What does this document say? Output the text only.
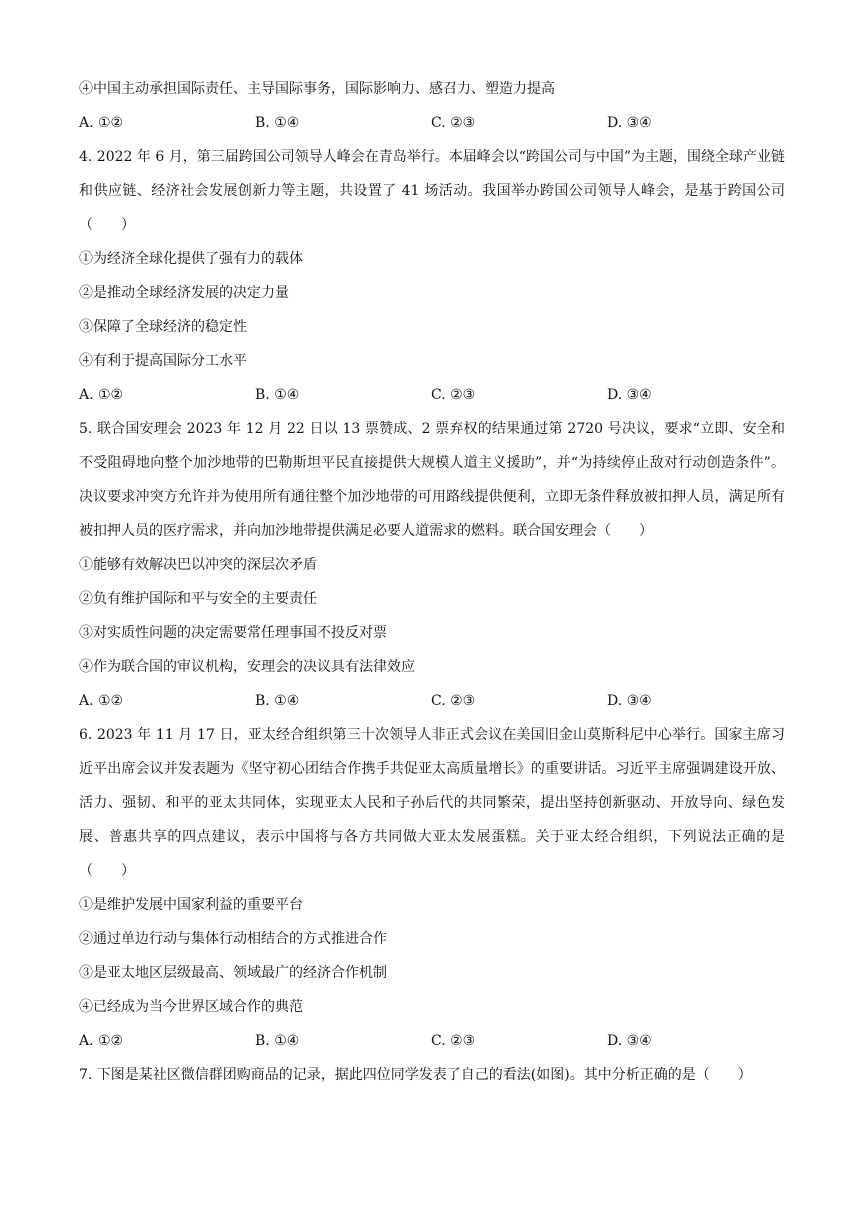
④中国主动承担国际责任、主导国际事务，国际影响力、感召力、塑造力提高
A. ①②	B. ①④	C. ②③	D. ③④

4. 2022 年 6 月，第三届跨国公司领导人峰会在青岛举行。本届峰会以“跨国公司与中国”为主题，围绕全球产业链和供应链、经济社会发展创新力等主题，共设置了 41 场活动。我国举办跨国公司领导人峰会，是基于跨国公司（　　）

①为经济全球化提供了强有力的载体
②是推动全球经济发展的决定力量
③保障了全球经济的稳定性
④有利于提高国际分工水平
A. ①②	B. ①④	C. ②③	D. ③④

5. 联合国安理会 2023 年 12 月 22 日以 13 票赞成、2 票弃权的结果通过第 2720 号决议，要求“立即、安全和不受阻碍地向整个加沙地带的巴勒斯坦平民直接提供大规模人道主义援助”，并“为持续停止敌对行动创造条件”。决议要求冲突方允许并为使用所有通往整个加沙地带的可用路线提供便利，立即无条件释放被扣押人员，满足所有被扣押人员的医疗需求，并向加沙地带提供满足必要人道需求的燃料。联合国安理会（　　）

①能够有效解决巴以冲突的深层次矛盾
②负有维护国际和平与安全的主要责任
③对实质性问题的决定需要常任理事国不投反对票
④作为联合国的审议机构，安理会的决议具有法律效应
A. ①②	B. ①④	C. ②③	D. ③④

6. 2023 年 11 月 17 日，亚太经合组织第三十次领导人非正式会议在美国旧金山莫斯科尼中心举行。国家主席习近平出席会议并发表题为《坚守初心团结合作携手共促亚太高质量增长》的重要讲话。习近平主席强调建设开放、活力、强韧、和平的亚太共同体，实现亚太人民和子孙后代的共同繁荣，提出坚持创新驱动、开放导向、绿色发展、普惠共享的四点建议，表示中国将与各方共同做大亚太发展蛋糕。关于亚太经合组织，下列说法正确的是（　　）

①是维护发展中国家利益的重要平台
②通过单边行动与集体行动相结合的方式推进合作
③是亚太地区层级最高、领域最广的经济合作机制
④已经成为当今世界区域合作的典范
A. ①②	B. ①④	C. ②③	D. ③④

7. 下图是某社区微信群团购商品的记录，据此四位同学发表了自己的看法(如图)。其中分析正确的是（　　）
